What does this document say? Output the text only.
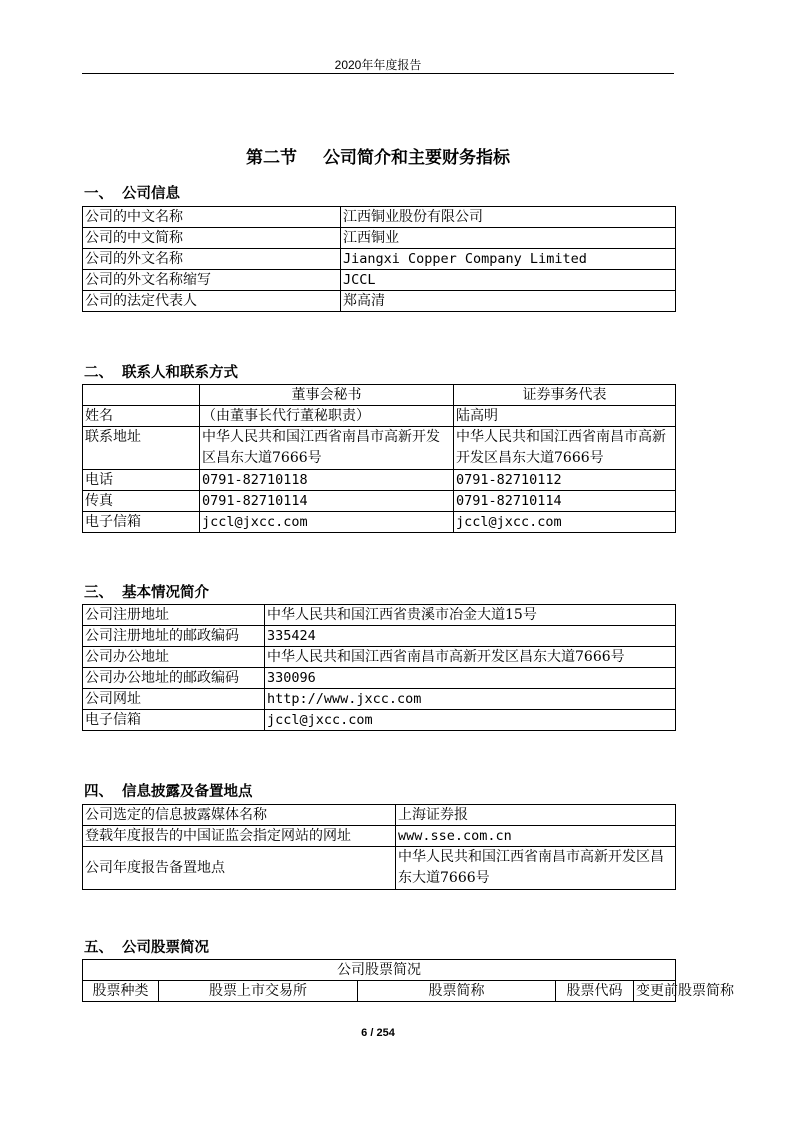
2020年年度报告
第二节 公司简介和主要财务指标
一、 公司信息
公司的中文名称	江西铜业股份有限公司
公司的中文简称	江西铜业
公司的外文名称	Jiangxi Copper Company Limited
公司的外文名称缩写	JCCL
公司的法定代表人	郑高清
二、 联系人和联系方式
	董事会秘书	证券事务代表
姓名	（由董事长代行董秘职责）	陆高明
联系地址	中华人民共和国江西省南昌市高新开发区昌东大道7666号	中华人民共和国江西省南昌市高新开发区昌东大道7666号
电话	0791-82710118	0791-82710112
传真	0791-82710114	0791-82710114
电子信箱	jccl@jxcc.com	jccl@jxcc.com
三、 基本情况简介
公司注册地址	中华人民共和国江西省贵溪市冶金大道15号
公司注册地址的邮政编码	335424
公司办公地址	中华人民共和国江西省南昌市高新开发区昌东大道7666号
公司办公地址的邮政编码	330096
公司网址	http://www.jxcc.com
电子信箱	jccl@jxcc.com
四、 信息披露及备置地点
公司选定的信息披露媒体名称	上海证券报
登载年度报告的中国证监会指定网站的网址	www.sse.com.cn
公司年度报告备置地点	中华人民共和国江西省南昌市高新开发区昌东大道7666号
五、 公司股票简况
公司股票简况
股票种类	股票上市交易所	股票简称	股票代码	变更前股票简称
6 / 254
